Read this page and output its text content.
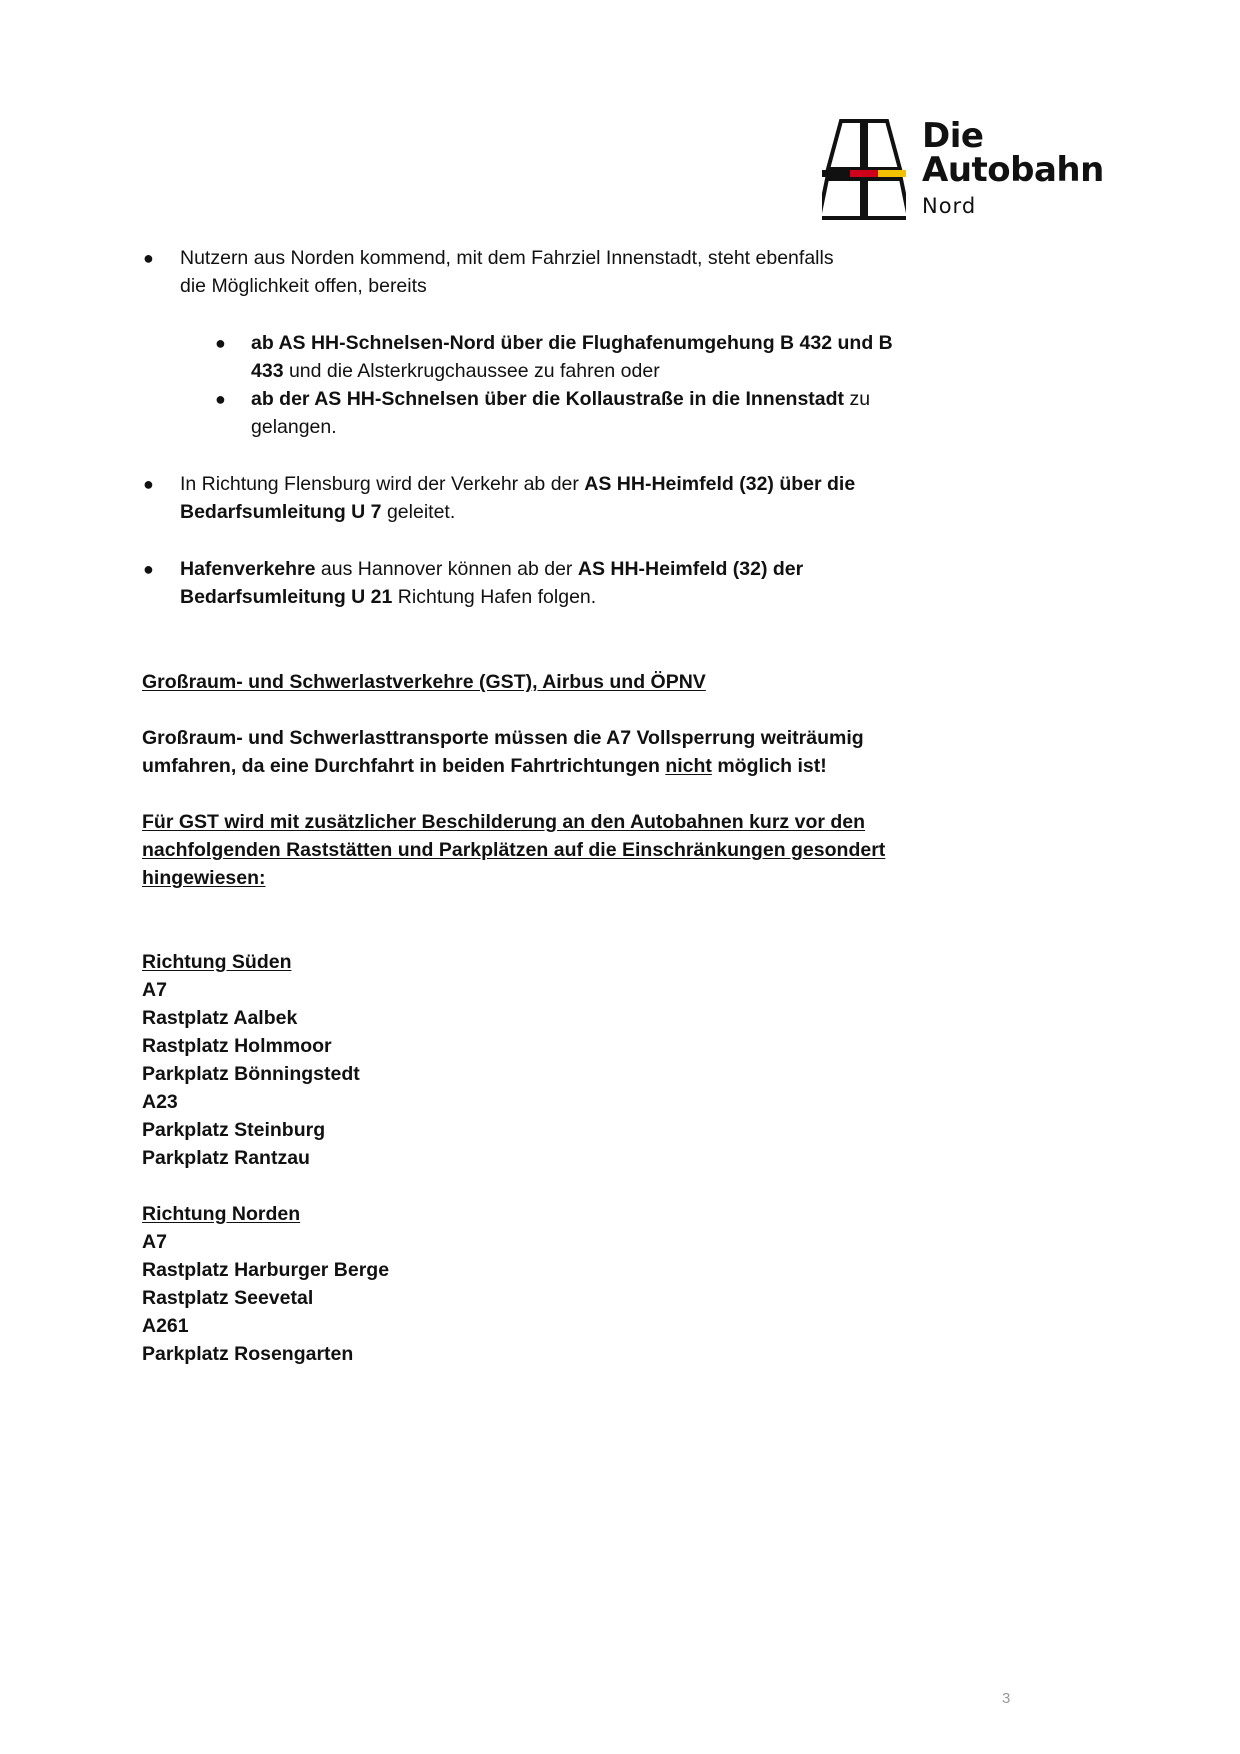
Die
Autobahn
Nord
● Nutzern aus Norden kommend, mit dem Fahrziel Innenstadt, steht ebenfalls
die Möglichkeit offen, bereits
● ab AS HH-Schnelsen-Nord über die Flughafenumgehung B 432 und B
433 und die Alsterkrugchaussee zu fahren oder
● ab der AS HH-Schnelsen über die Kollaustraße in die Innenstadt zu
gelangen.
● In Richtung Flensburg wird der Verkehr ab der AS HH-Heimfeld (32) über die
Bedarfsumleitung U 7 geleitet.
● Hafenverkehre aus Hannover können ab der AS HH-Heimfeld (32) der
Bedarfsumleitung U 21 Richtung Hafen folgen.
Großraum- und Schwerlastverkehre (GST), Airbus und ÖPNV
Großraum- und Schwerlasttransporte müssen die A7 Vollsperrung weiträumig
umfahren, da eine Durchfahrt in beiden Fahrtrichtungen nicht möglich ist!
Für GST wird mit zusätzlicher Beschilderung an den Autobahnen kurz vor den
nachfolgenden Raststätten und Parkplätzen auf die Einschränkungen gesondert
hingewiesen:
Richtung Süden
A7
Rastplatz Aalbek
Rastplatz Holmmoor
Parkplatz Bönningstedt
A23
Parkplatz Steinburg
Parkplatz Rantzau
Richtung Norden
A7
Rastplatz Harburger Berge
Rastplatz Seevetal
A261
Parkplatz Rosengarten
3
